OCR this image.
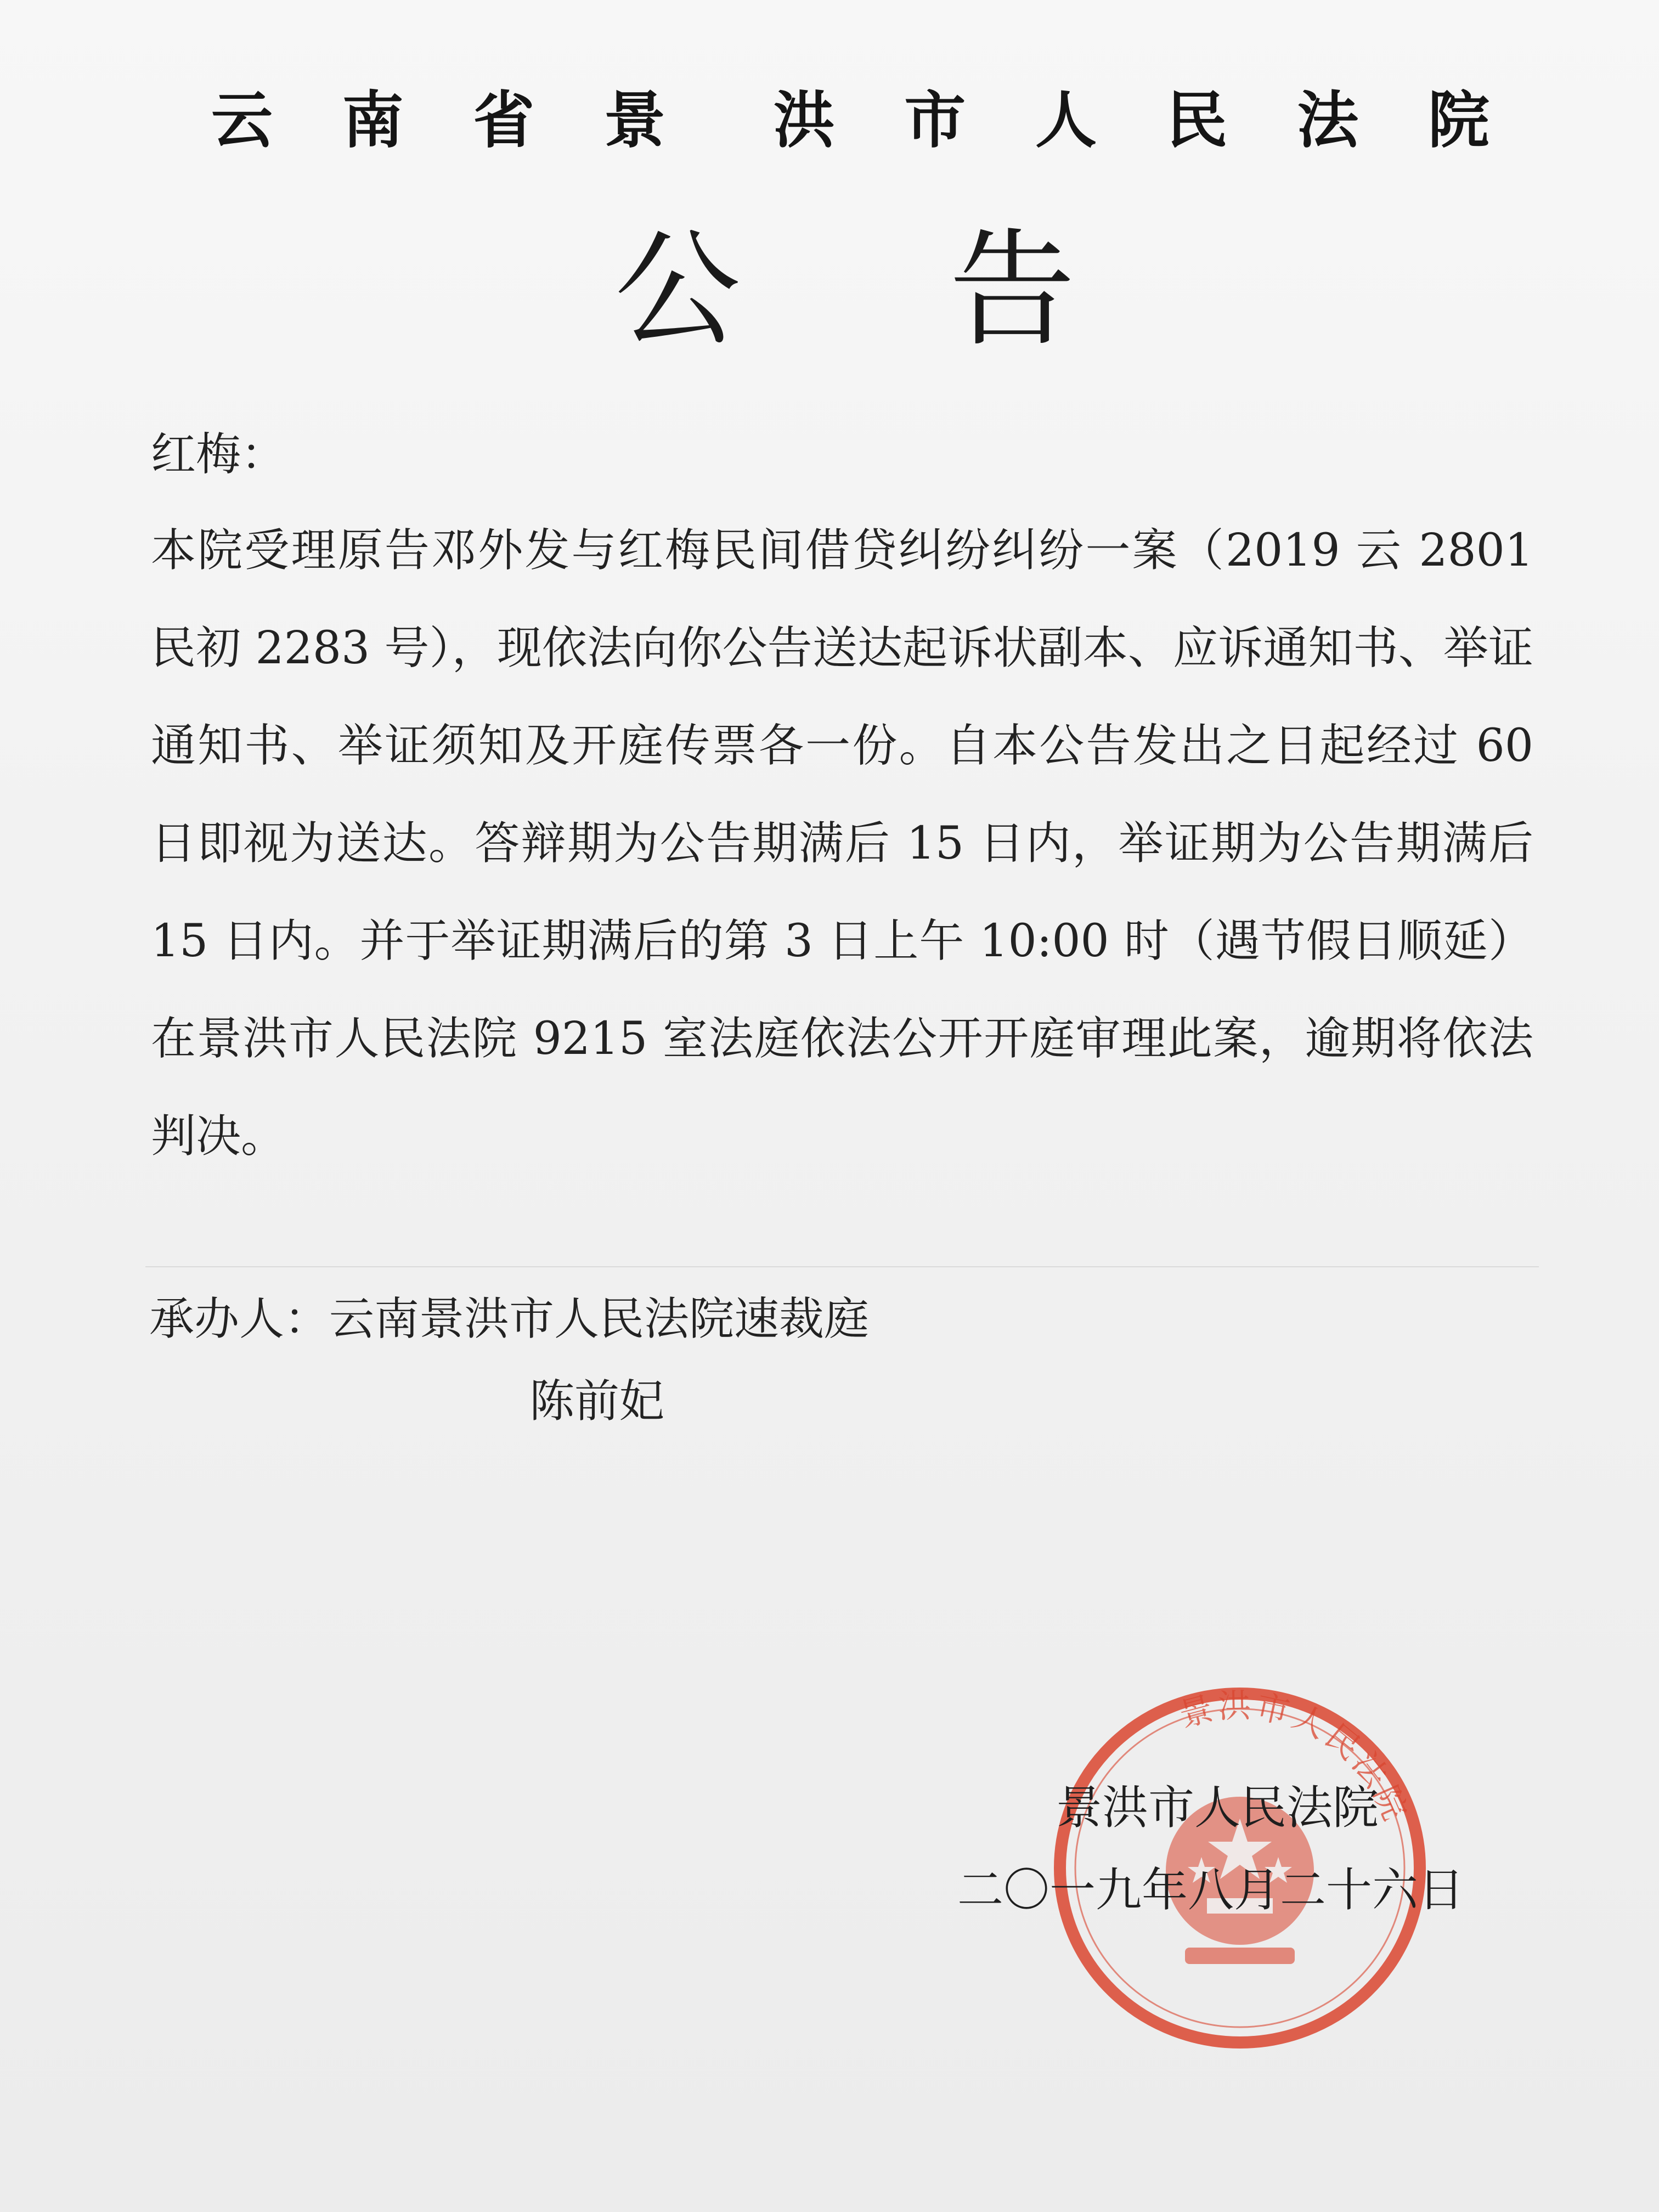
云 南 省 景 洪 市 人 民 法 院
公 告
红梅：
本院受理原告邓外发与红梅民间借贷纠纷纠纷一案（2019 云 2801 民初 2283 号），现依法向你公告送达起诉状副本、应诉通知书、举证通知书、举证须知及开庭传票各一份。自本公告发出之日起经过 60 日即视为送达。答辩期为公告期满后 15 日内，举证期为公告期满后 15 日内。并于举证期满后的第 3 日上午 10:00 时（遇节假日顺延）在景洪市人民法院 9215 室法庭依法公开开庭审理此案，逾期将依法判决。
承办人：云南景洪市人民法院速裁庭
陈前妃
景洪市人民法院
景洪市人民法院
二〇一九年八月二十六日
